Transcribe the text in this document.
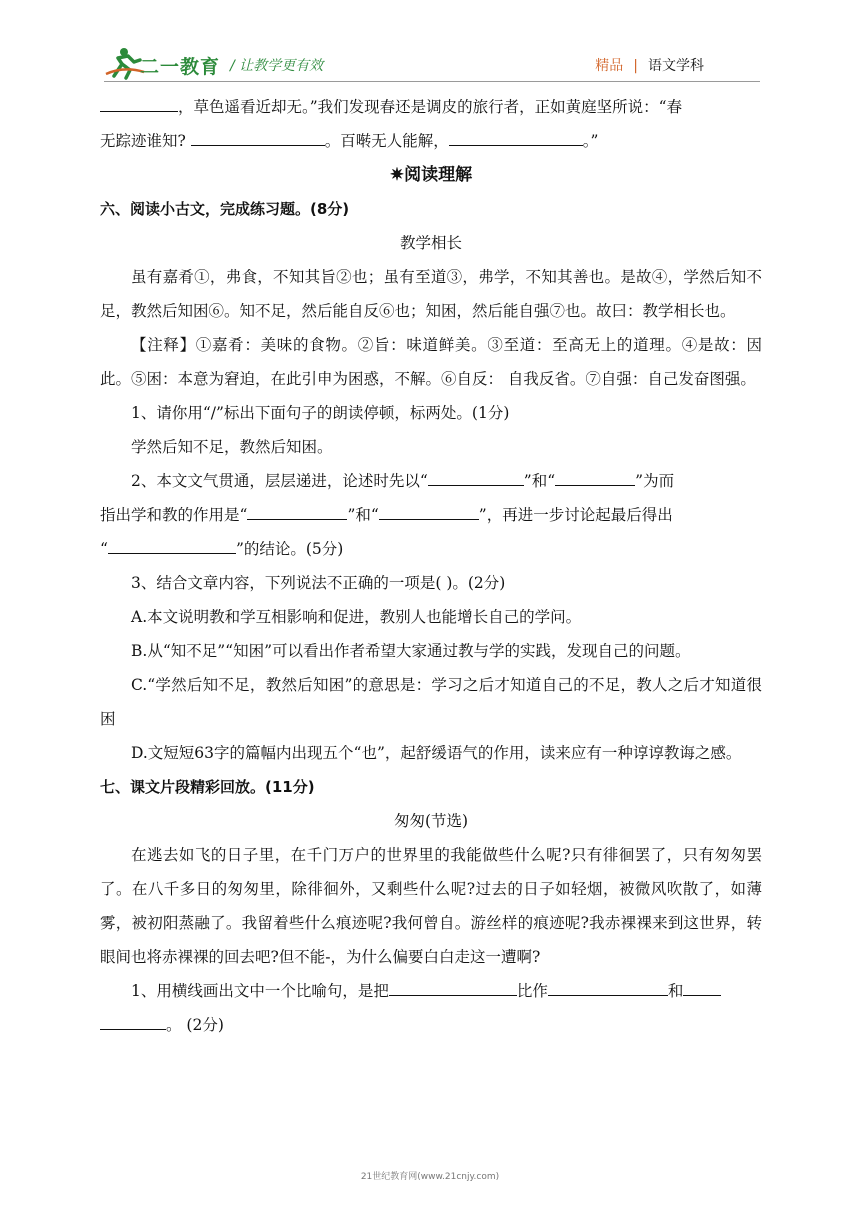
二一教育 / 让教学更有效	精品 | 语文学科

，草色遥看近却无。”我们发现春还是调皮的旅行者，正如黄庭坚所说：“春

无踪迹谁知?	。百啭无人能解，	。”

✷阅读理解

六、阅读小古文，完成练习题。(8分)

教学相长

虽有嘉肴①，弗食，不知其旨②也；虽有至道③，弗学，不知其善也。是故④，学然后知不足，教然后知困⑥。知不足，然后能自反⑥也；知困，然后能自强⑦也。故曰：教学相长也。

【注释】①嘉肴：美味的食物。②旨：味道鲜美。③至道：至高无上的道理。④是故：因此。⑤困：本意为窘迫，在此引申为困惑，不解。⑥自反： 自我反省。⑦自强：自己发奋图强。

1、请你用“/”标出下面句子的朗读停顿，标两处。(1分)

学然后知不足，教然后知困。

2、本文文气贯通，层层递进，论述时先以“	”和“	”为而

指出学和教的作用是“	”和“	”，再进一步讨论起最后得出

“	”的结论。(5分)

3、结合文章内容，下列说法不正确的一项是( )。(2分)

A.本文说明教和学互相影响和促进，教别人也能增长自己的学问。

B.从“知不足”“知困”可以看出作者希望大家通过教与学的实践，发现自己的问题。

C.“学然后知不足，教然后知困”的意思是：学习之后才知道自己的不足，教人之后才知道很困

D.文短短63字的篇幅内出现五个“也”，起舒缓语气的作用，读来应有一种谆谆教诲之感。

七、课文片段精彩回放。(11分)

匆匆(节选)

在逃去如飞的日子里，在千门万户的世界里的我能做些什么呢?只有徘徊罢了，只有匆匆罢了。在八千多日的匆匆里，除徘徊外，又剩些什么呢?过去的日子如轻烟，被微风吹散了，如薄雾，被初阳蒸融了。我留着些什么痕迹呢?我何曾自。游丝样的痕迹呢?我赤裸裸来到这世界，转眼间也将赤裸裸的回去吧?但不能-，为什么偏要白白走这一遭啊?

1、用横线画出文中一个比喻句，是把	比作	和

。 (2分)

21世纪教育网(www.21cnjy.com)
